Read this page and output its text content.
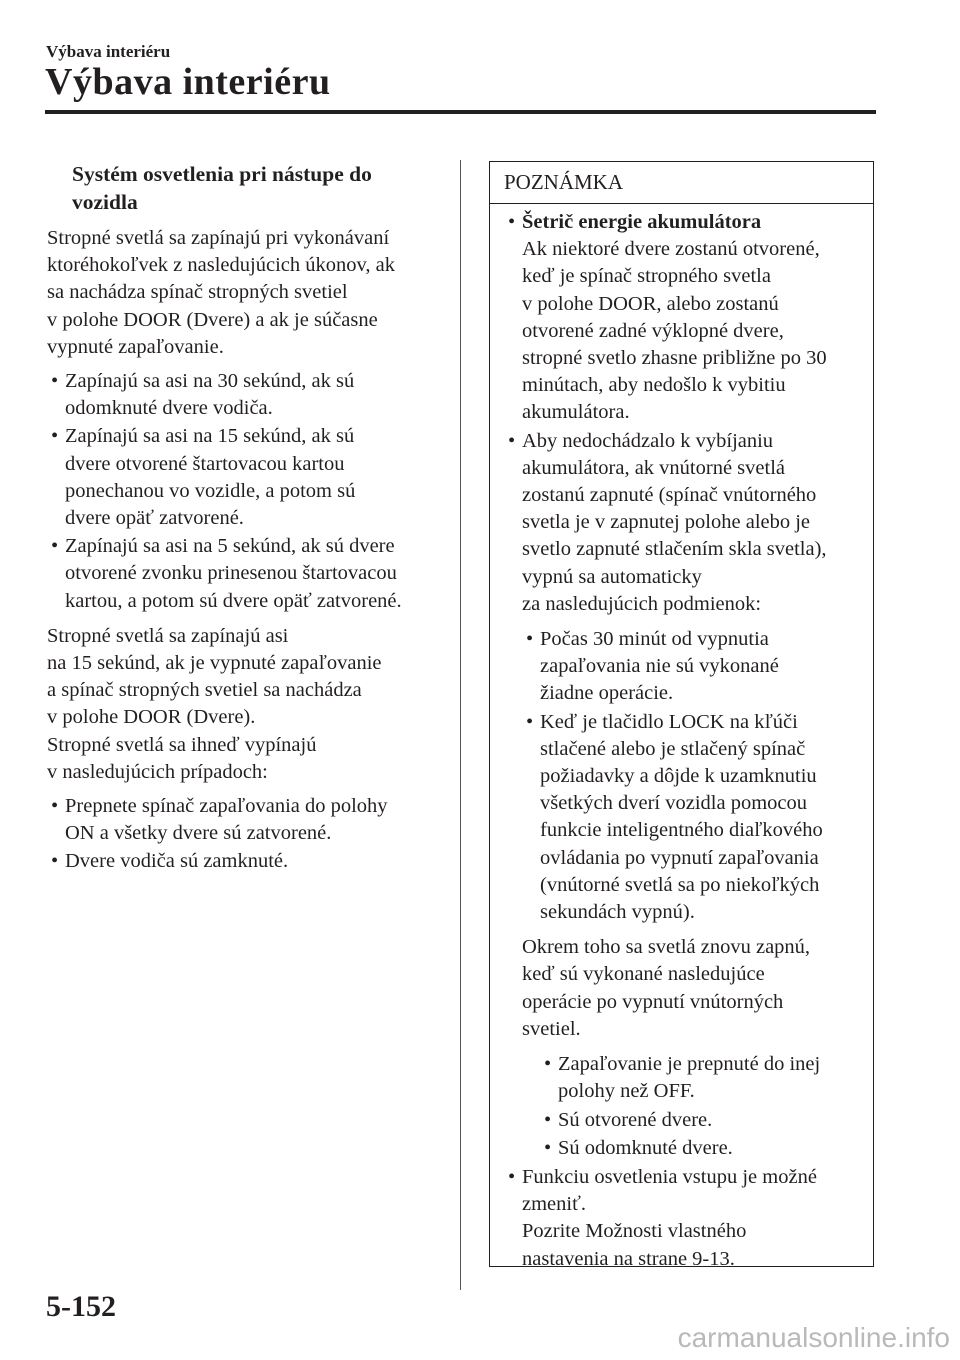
Výbava interiéru
Výbava interiéru
Systém osvetlenia pri nástupe do
vozidla
Stropné svetlá sa zapínajú pri vykonávaní
ktoréhokoľvek z nasledujúcich úkonov, ak
sa nachádza spínač stropných svetiel
v polohe DOOR (Dvere) a ak je súčasne
vypnuté zapaľovanie.
• Zapínajú sa asi na 30 sekúnd, ak sú
odomknuté dvere vodiča.
• Zapínajú sa asi na 15 sekúnd, ak sú
dvere otvorené štartovacou kartou
ponechanou vo vozidle, a potom sú
dvere opäť zatvorené.
• Zapínajú sa asi na 5 sekúnd, ak sú dvere
otvorené zvonku prinesenou štartovacou
kartou, a potom sú dvere opäť zatvorené.
Stropné svetlá sa zapínajú asi
na 15 sekúnd, ak je vypnuté zapaľovanie
a spínač stropných svetiel sa nachádza
v polohe DOOR (Dvere).
Stropné svetlá sa ihneď vypínajú
v nasledujúcich prípadoch:
• Prepnete spínač zapaľovania do polohy
ON a všetky dvere sú zatvorené.
• Dvere vodiča sú zamknuté.
POZNÁMKA
• Šetrič energie akumulátora
Ak niektoré dvere zostanú otvorené,
keď je spínač stropného svetla
v polohe DOOR, alebo zostanú
otvorené zadné výklopné dvere,
stropné svetlo zhasne približne po 30
minútach, aby nedošlo k vybitiu
akumulátora.
• Aby nedochádzalo k vybíjaniu
akumulátora, ak vnútorné svetlá
zostanú zapnuté (spínač vnútorného
svetla je v zapnutej polohe alebo je
svetlo zapnuté stlačením skla svetla),
vypnú sa automaticky
za nasledujúcich podmienok:
• Počas 30 minút od vypnutia
zapaľovania nie sú vykonané
žiadne operácie.
• Keď je tlačidlo LOCK na kľúči
stlačené alebo je stlačený spínač
požiadavky a dôjde k uzamknutiu
všetkých dverí vozidla pomocou
funkcie inteligentného diaľkového
ovládania po vypnutí zapaľovania
(vnútorné svetlá sa po niekoľkých
sekundách vypnú).
Okrem toho sa svetlá znovu zapnú,
keď sú vykonané nasledujúce
operácie po vypnutí vnútorných
svetiel.
• Zapaľovanie je prepnuté do inej
polohy než OFF.
• Sú otvorené dvere.
• Sú odomknuté dvere.
• Funkciu osvetlenia vstupu je možné
zmeniť.
Pozrite Možnosti vlastného
nastavenia na strane 9-13.
5-152
carmanualsonline.info
